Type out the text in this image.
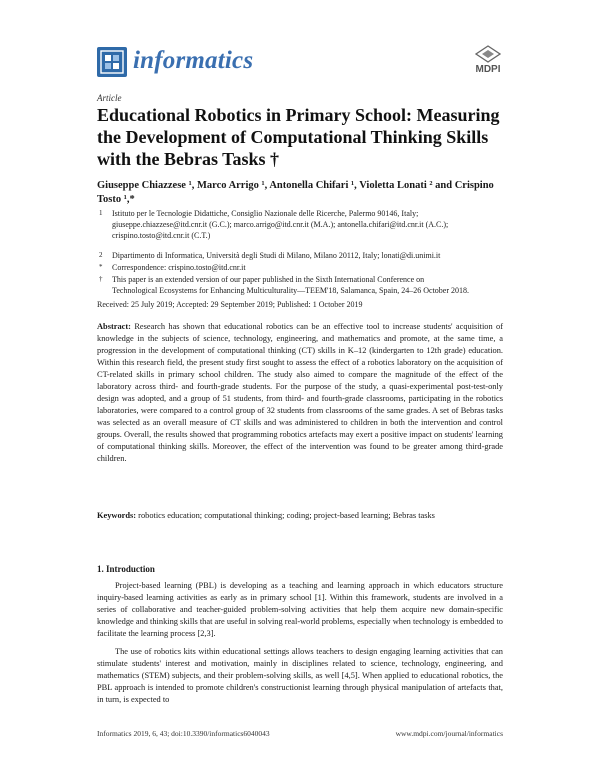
informatics	MDPI
Article
Educational Robotics in Primary School: Measuring the Development of Computational Thinking Skills with the Bebras Tasks †
Giuseppe Chiazzese ¹, Marco Arrigo ¹, Antonella Chifari ¹, Violetta Lonati ² and Crispino Tosto ¹,*
1 Istituto per le Tecnologie Didattiche, Consiglio Nazionale delle Ricerche, Palermo 90146, Italy;
giuseppe.chiazzese@itd.cnr.it (G.C.); marco.arrigo@itd.cnr.it (M.A.); antonella.chifari@itd.cnr.it (A.C.);
crispino.tosto@itd.cnr.it (C.T.)
2 Dipartimento di Informatica, Università degli Studi di Milano, Milano 20112, Italy; lonati@di.unimi.it
* Correspondence: crispino.tosto@itd.cnr.it
† This paper is an extended version of our paper published in the Sixth International Conference on
Technological Ecosystems for Enhancing Multiculturality—TEEM'18, Salamanca, Spain, 24–26 October 2018.
Received: 25 July 2019; Accepted: 29 September 2019; Published: 1 October 2019
Abstract: Research has shown that educational robotics can be an effective tool to increase students' acquisition of knowledge in the subjects of science, technology, engineering, and mathematics and promote, at the same time, a progression in the development of computational thinking (CT) skills in K–12 (kindergarten to 12th grade) education. Within this research field, the present study first sought to assess the effect of a robotics laboratory on the acquisition of CT-related skills in primary school children. The study also aimed to compare the magnitude of the effect of the laboratory across third- and fourth-grade students. For the purpose of the study, a quasi-experimental post-test-only design was adopted, and a group of 51 students, from third- and fourth-grade classrooms, participating in the robotics laboratories, were compared to a control group of 32 students from classrooms of the same grades. A set of Bebras tasks was selected as an overall measure of CT skills and was administered to children in both the intervention and control groups. Overall, the results showed that programming robotics artefacts may exert a positive impact on students' learning of computational thinking skills. Moreover, the effect of the intervention was found to be greater among third-grade children.
Keywords: robotics education; computational thinking; coding; project-based learning; Bebras tasks
1. Introduction
Project-based learning (PBL) is developing as a teaching and learning approach in which educators structure inquiry-based learning activities as early as in primary school [1]. Within this framework, students are involved in a series of collaborative and teacher-guided problem-solving activities that help them acquire new domain-specific knowledge and thinking skills that are useful in solving real-world problems, especially when technology is embedded to facilitate the learning process [2,3].
The use of robotics kits within educational settings allows teachers to design engaging learning activities that can stimulate students' interest and motivation, mainly in disciplines related to science, technology, engineering, and mathematics (STEM) subjects, and their problem-solving skills, as well [4,5]. When applied to educational robotics, the PBL approach is intended to promote children's constructionist learning through physical manipulation of artefacts that, in turn, is expected to
Informatics 2019, 6, 43; doi:10.3390/informatics6040043	www.mdpi.com/journal/informatics
